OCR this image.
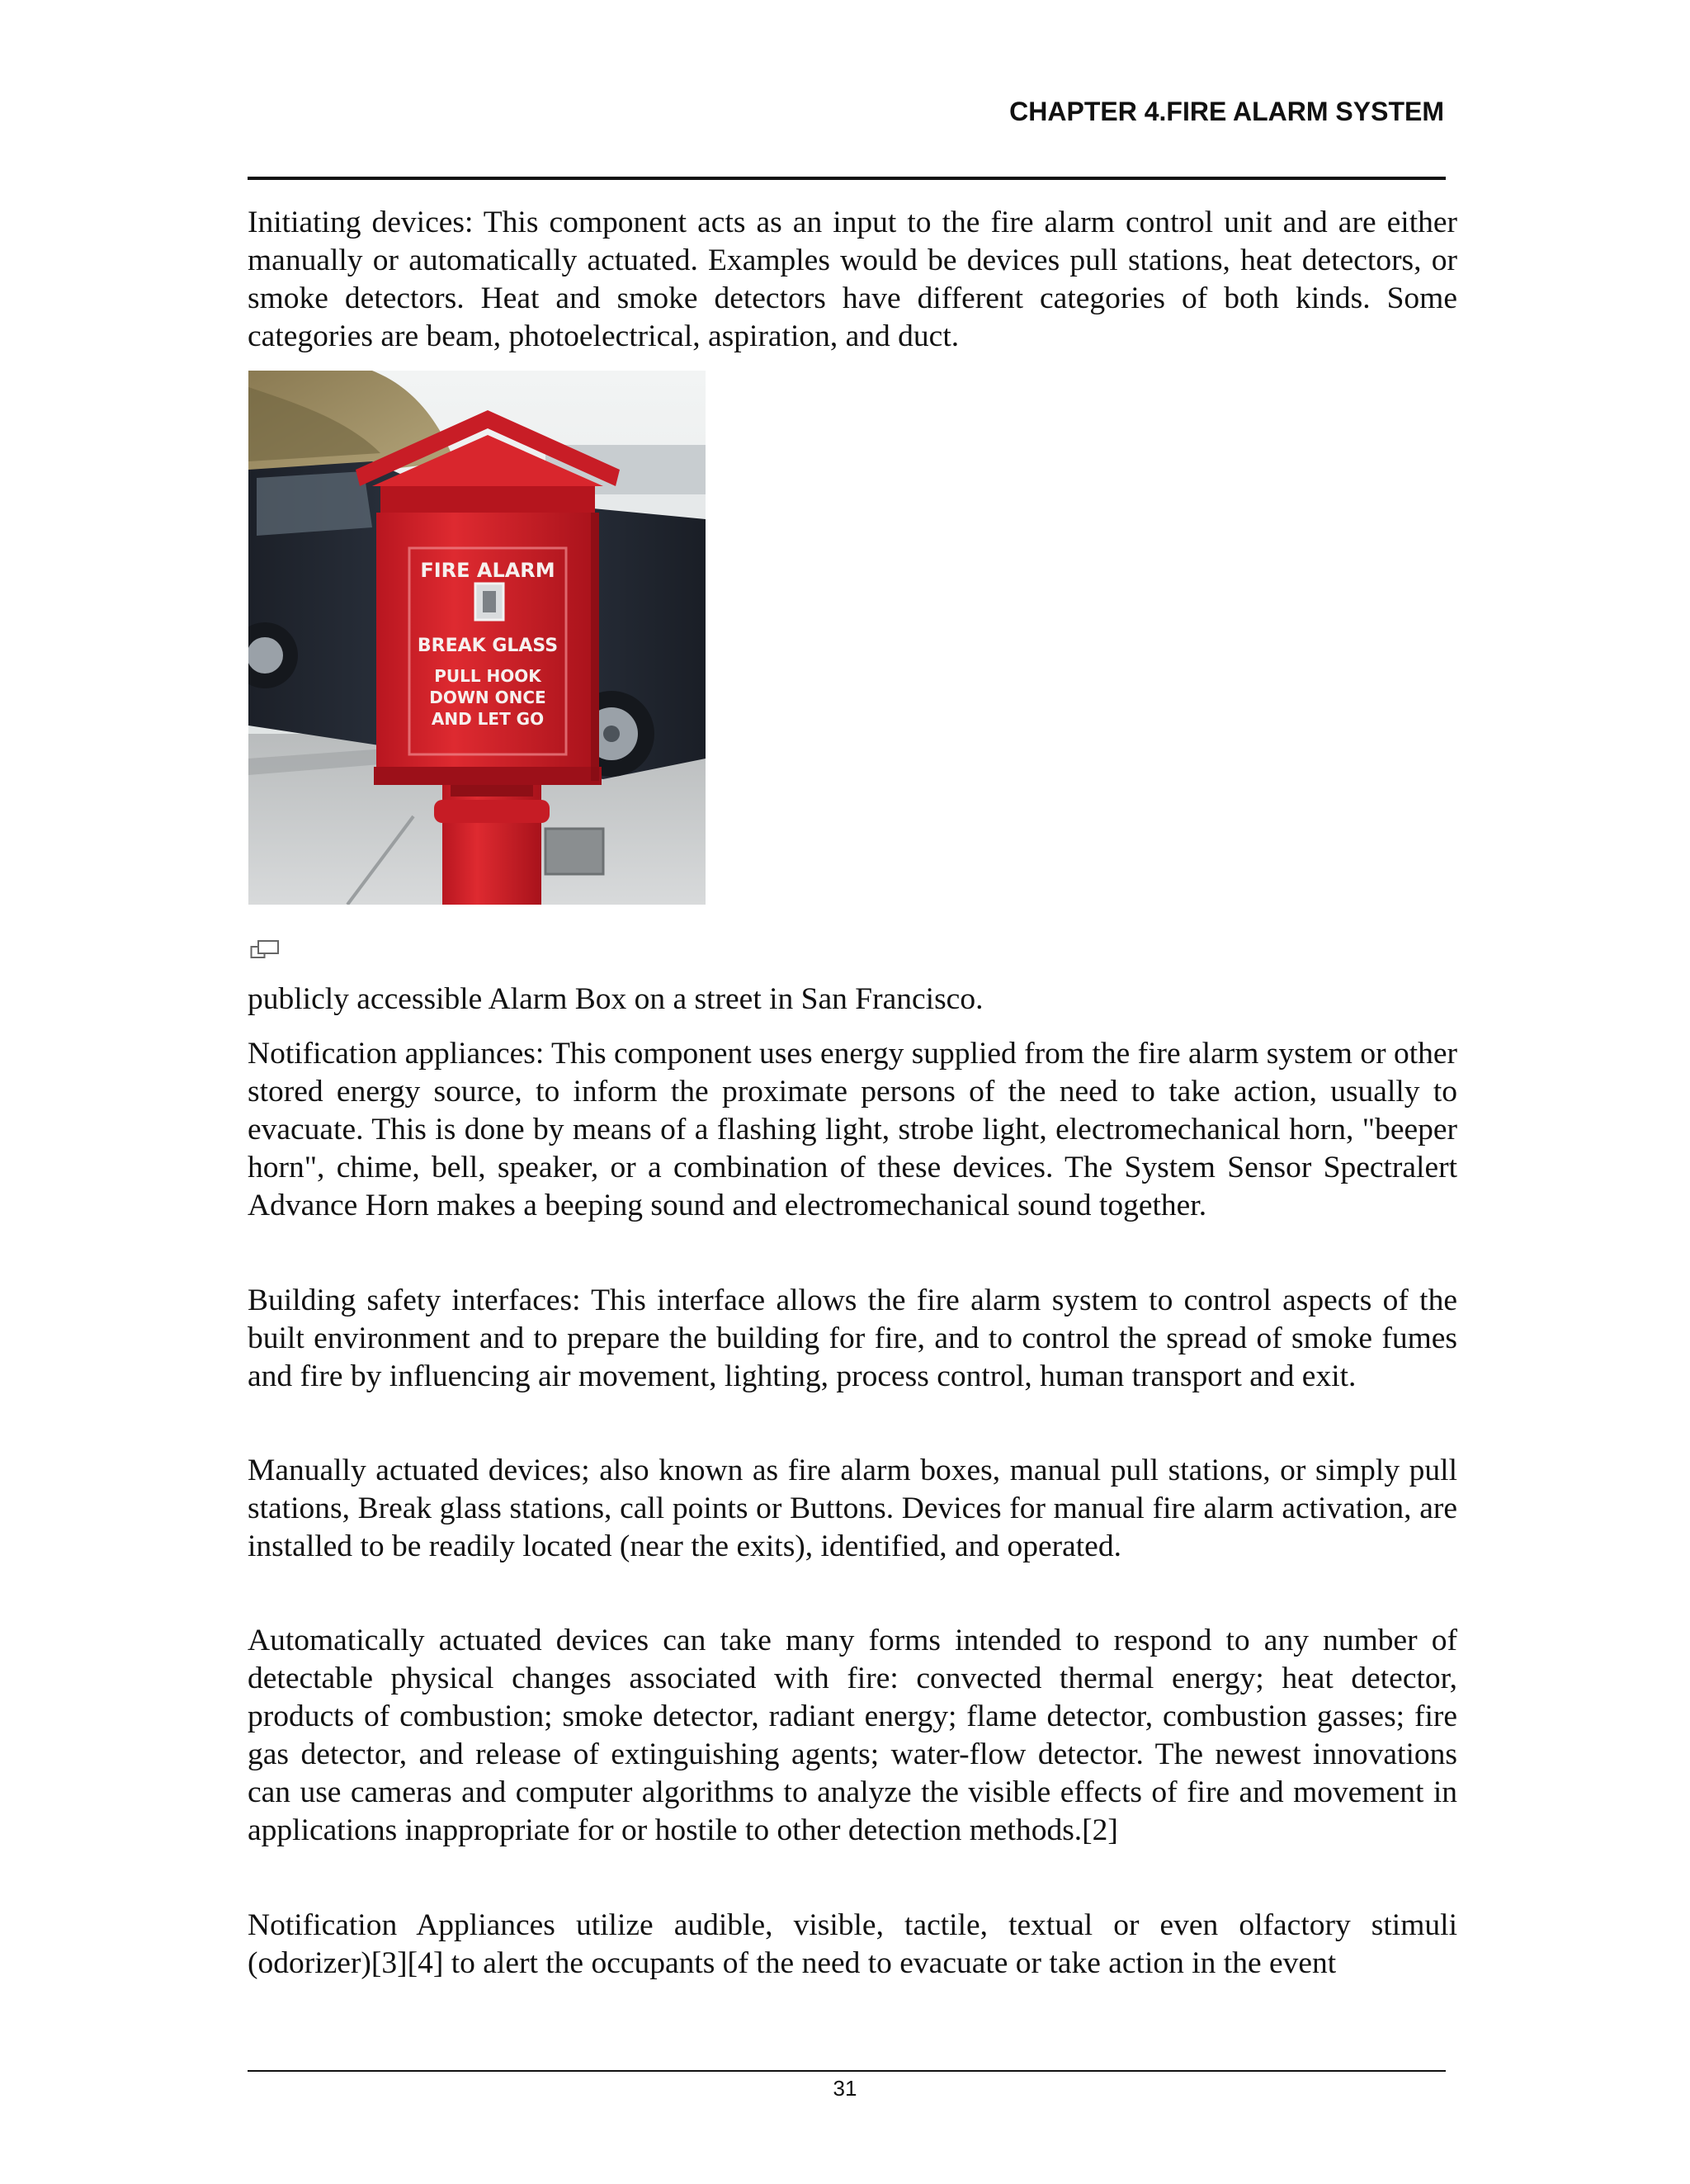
CHAPTER 4.FIRE ALARM SYSTEM

Initiating devices: This component acts as an input to the fire alarm control unit and are either manually or automatically actuated. Examples would be devices pull stations, heat detectors, or smoke detectors. Heat and smoke detectors have different categories of both kinds. Some categories are beam, photoelectrical, aspiration, and duct.

FIRE ALARM
BREAK GLASS
PULL HOOK
DOWN ONCE
AND LET GO

publicly accessible Alarm Box on a street in San Francisco.

Notification appliances: This component uses energy supplied from the fire alarm system or other stored energy source, to inform the proximate persons of the need to take action, usually to evacuate. This is done by means of a flashing light, strobe light, electromechanical horn, "beeper horn", chime, bell, speaker, or a combination of these devices. The System Sensor Spectralert Advance Horn makes a beeping sound and electromechanical sound together.

Building safety interfaces: This interface allows the fire alarm system to control aspects of the built environment and to prepare the building for fire, and to control the spread of smoke fumes and fire by influencing air movement, lighting, process control, human transport and exit.

Manually actuated devices; also known as fire alarm boxes, manual pull stations, or simply pull stations, Break glass stations, call points or Buttons. Devices for manual fire alarm activation, are installed to be readily located (near the exits), identified, and operated.

Automatically actuated devices can take many forms intended to respond to any number of detectable physical changes associated with fire: convected thermal energy; heat detector, products of combustion; smoke detector, radiant energy; flame detector, combustion gasses; fire gas detector, and release of extinguishing agents; water-flow detector. The newest innovations can use cameras and computer algorithms to analyze the visible effects of fire and movement in applications inappropriate for or hostile to other detection methods.[2]

Notification Appliances utilize audible, visible, tactile, textual or even olfactory stimuli (odorizer)[3][4] to alert the occupants of the need to evacuate or take action in the event

31
